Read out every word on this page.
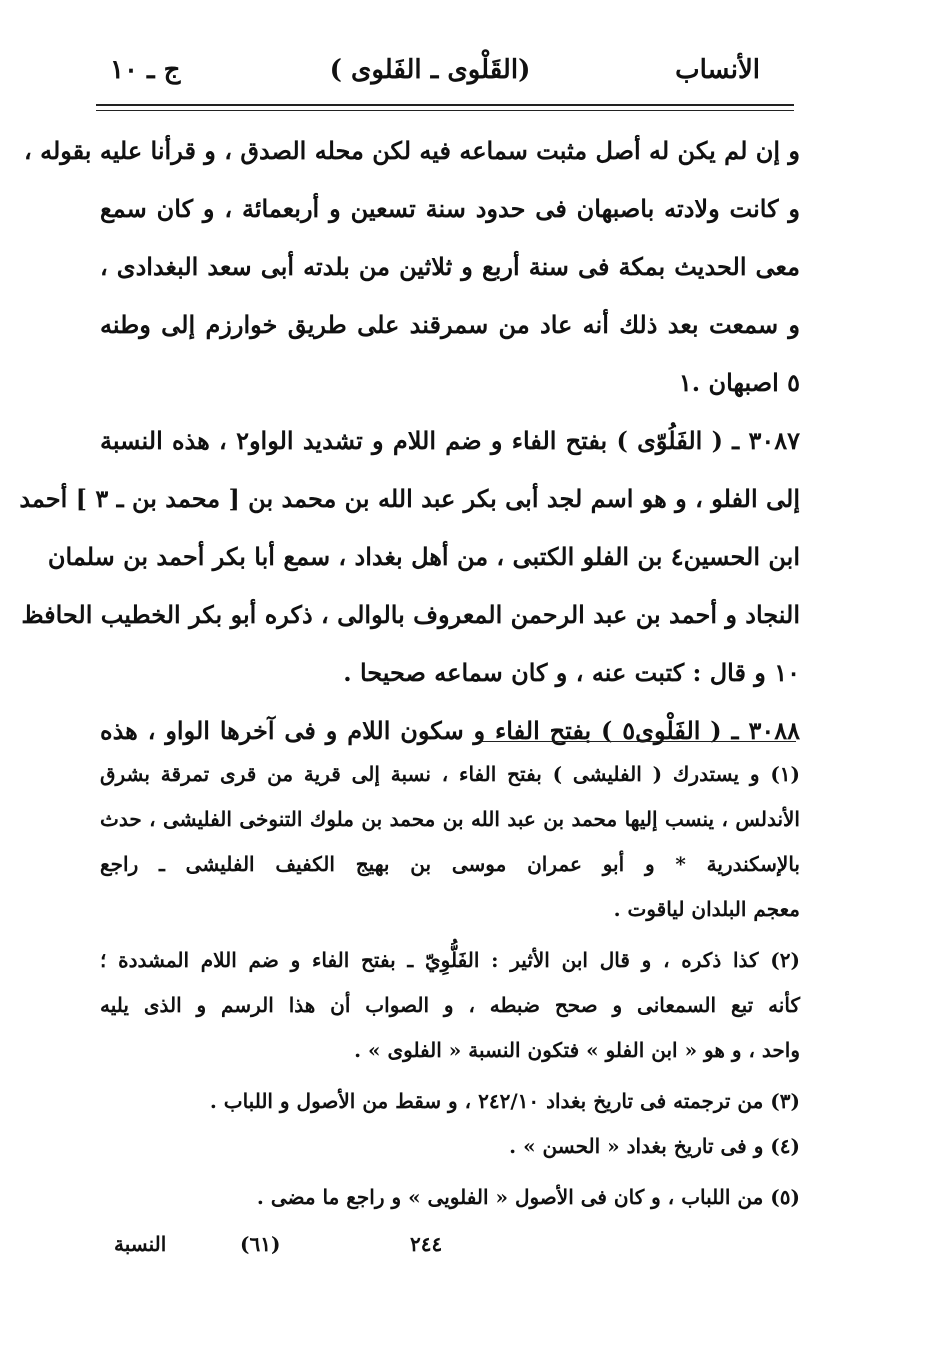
الأنساب
( القَلْوى ـ الفَلوى)
ج ـ ١٠
و إن لم يكن له أصل مثبت سماعه فيه لكن محله الصدق ، و قرأنا عليه بقوله ،
و كانت ولادته باصبهان فى حدود سنة تسعين و أربعمائة ، و كان سمع
معى الحديث بمكة فى سنة أربع و ثلاثين من بلدته أبى سعد البغدادى ،
و سمعت بعد ذلك أنه عاد من سمرقند على طريق خوارزم إلى وطنه
٥ اصبهان .١
٣٠٨٧ ـ ( الفَلُوّى ) بفتح الفاء و ضم اللام و تشديد الواو٢ ، هذه النسبة
إلى الفلو ، و هو اسم لجد أبى بكر عبد الله بن محمد بن [ محمد بن ـ ٣ ] أحمد
ابن الحسين٤ بن الفلو الكتبى ، من أهل بغداد ، سمع أبا بكر أحمد بن سلمان
النجاد و أحمد بن عبد الرحمن المعروف بالوالى ، ذكره أبو بكر الخطيب الحافظ
١٠ و قال : كتبت عنه ، و كان سماعه صحيحا .
٣٠٨٨ ـ ( الفَلْوى٥ ) بفتح الفاء و سكون اللام و فى آخرها الواو ، هذه
(١) و يستدرك ( الفليشى ) بفتح الفاء ، نسبة إلى قرية من قرى تمرقة بشرق
الأندلس ، ينسب إليها محمد بن عبد الله بن محمد بن ملوك التنوخى الفليشى ، حدث
بالإسكندرية * و أبو عمران موسى بن بهيج الكفيف الفليشى ـ راجع
معجم البلدان لياقوت .
(٢) كذا ذكره ، و قال ابن الأثير : الفَلُّوِيّ ـ بفتح الفاء و ضم اللام المشددة ؛
كأنه تبع السمعانى و صحح ضبطه ، و الصواب أن هذا الرسم و الذى يليه
واحد ، و هو « ابن الفلو » فتكون النسبة « الفلوى » .
(٣) من ترجمته فى تاريخ بغداد ٢٤٢/١٠ ، و سقط من الأصول و اللباب .
(٤) و فى تاريخ بغداد « الحسن » .
(٥) من اللباب ، و كان فى الأصول « الفلويى » و راجع ما مضى .
النسبة	(٦١)	٢٤٤
